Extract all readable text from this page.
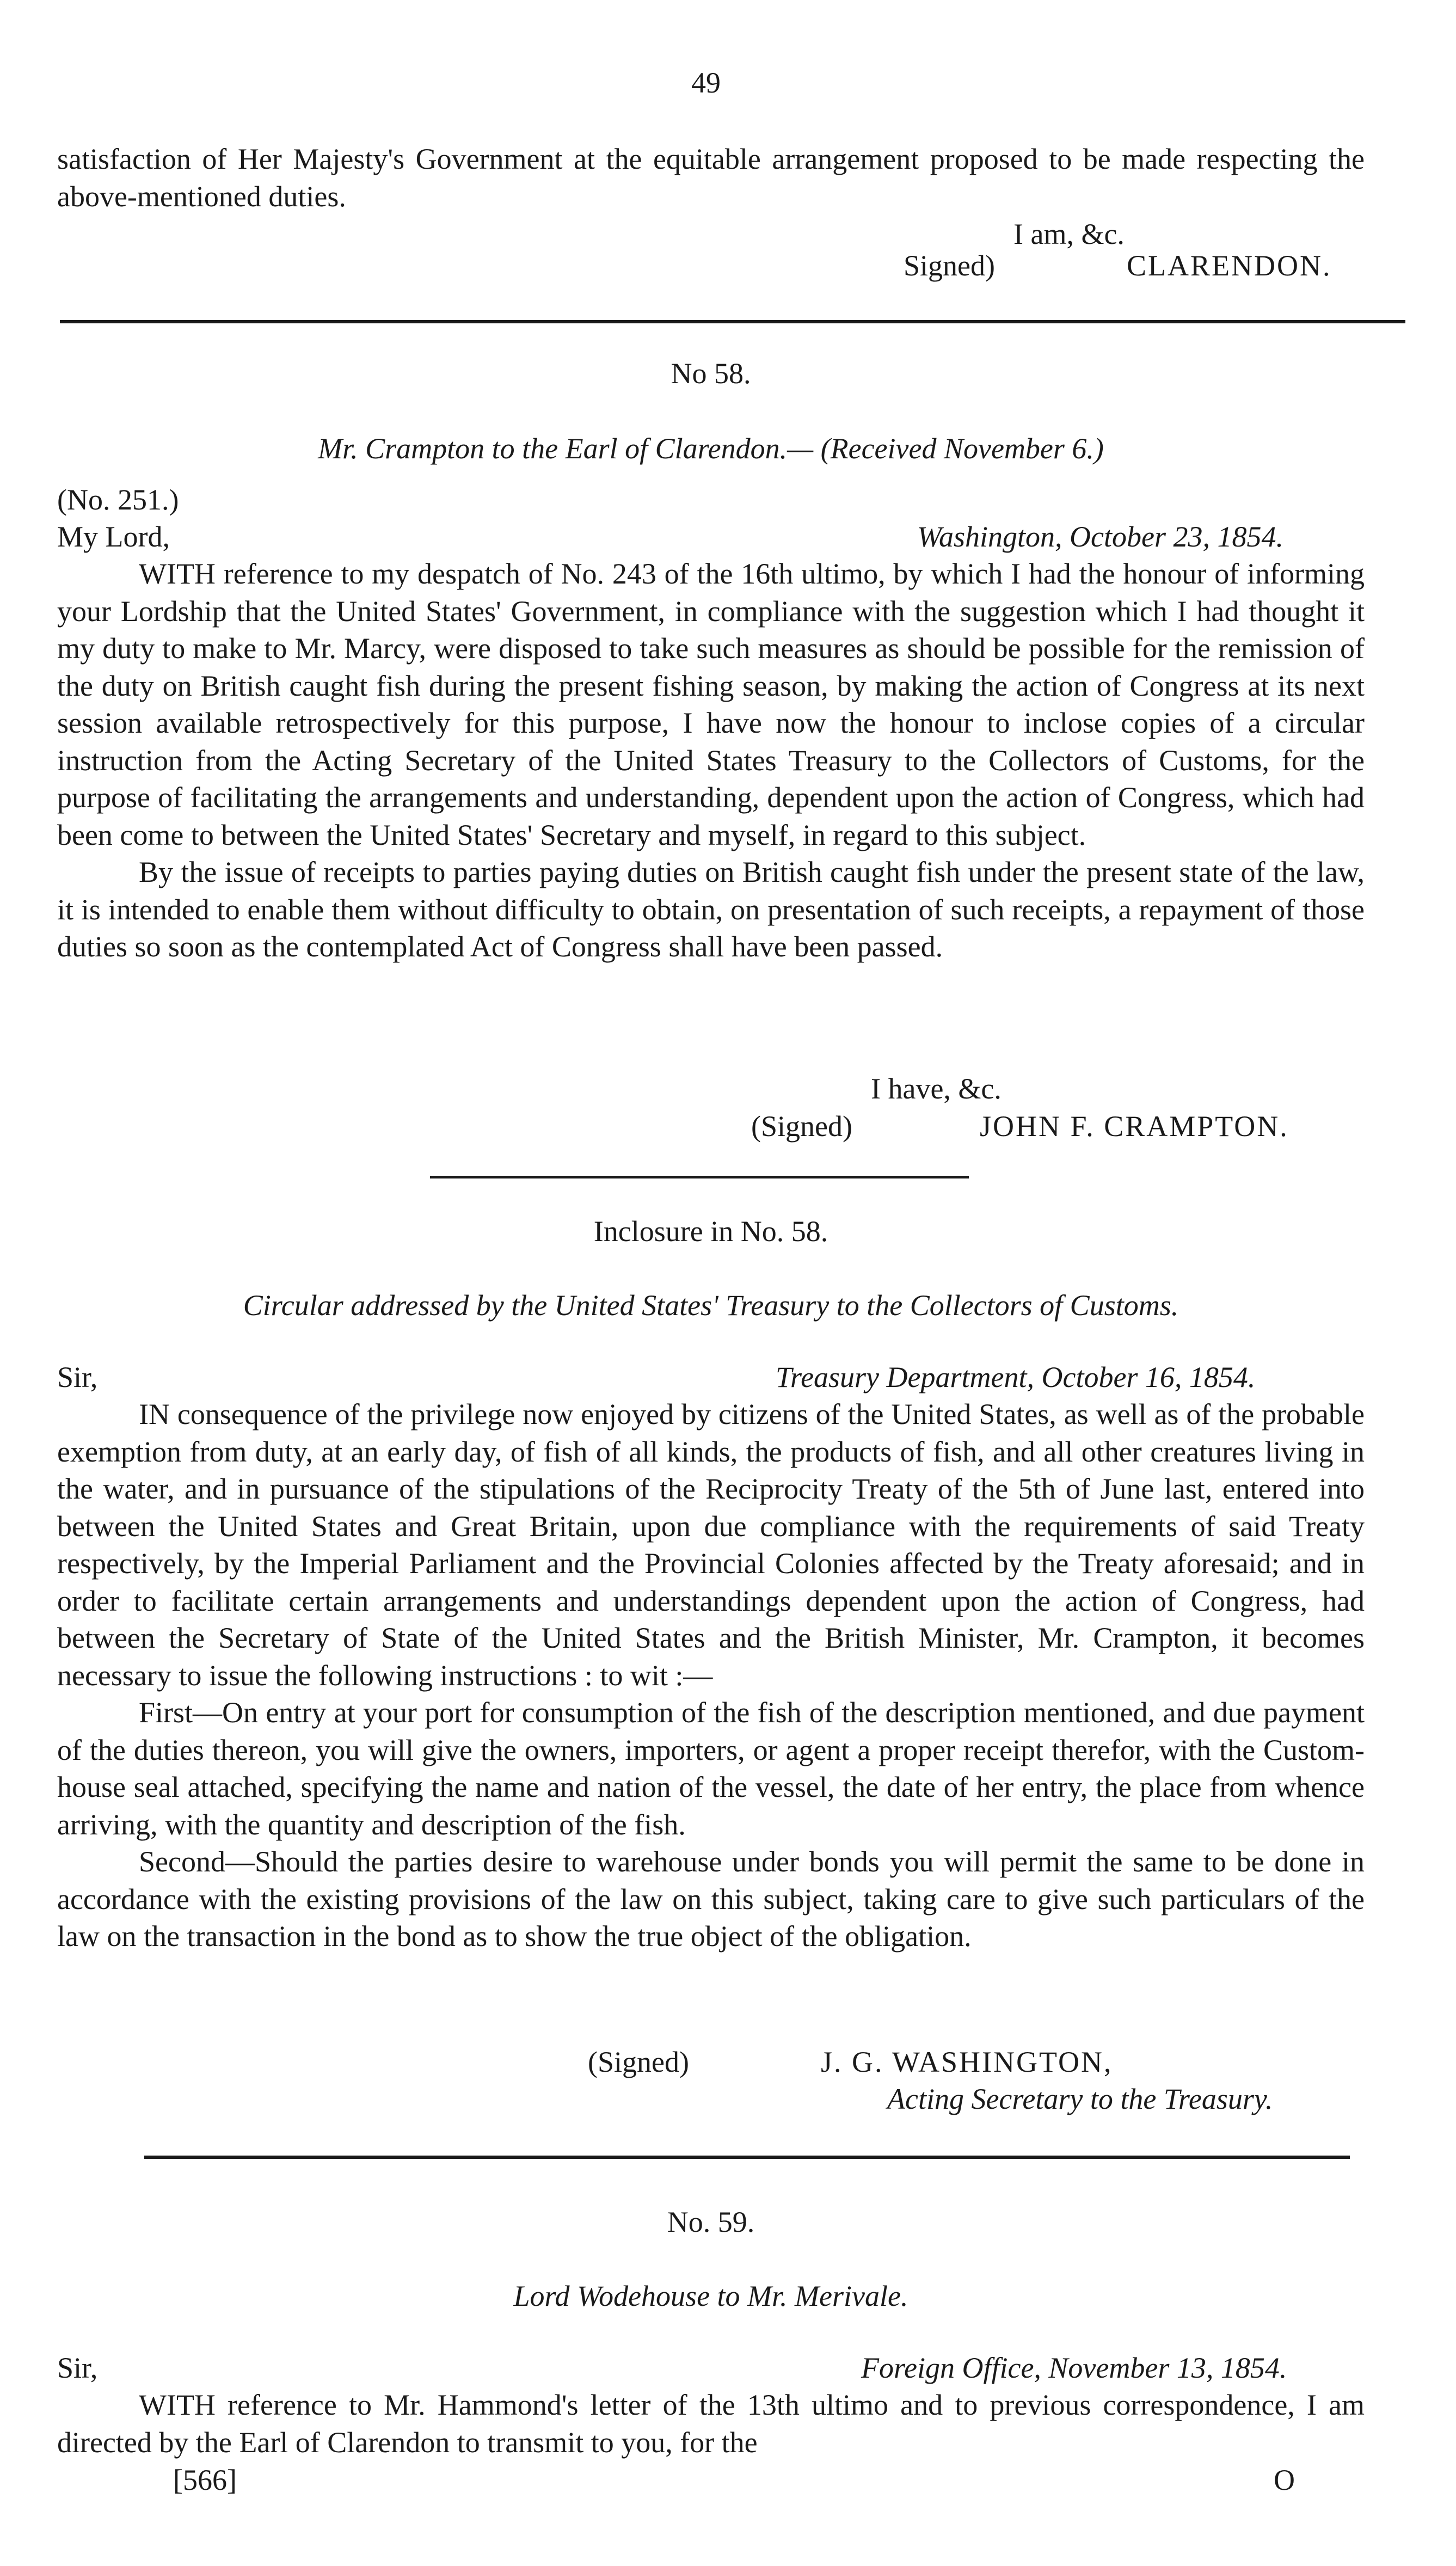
49

satisfaction of Her Majesty's Government at the equitable arrangement proposed to be made respecting the above-mentioned duties.

I am, &c.
Signed)	CLARENDON.
No 58.
Mr. Crampton to the Earl of Clarendon.— (Received November 6.)
(No. 251.)
My Lord,	Washington, October 23, 1854.

WITH reference to my despatch of No. 243 of the 16th ultimo, by which I had the honour of informing your Lordship that the United States' Government, in compliance with the suggestion which I had thought it my duty to make to Mr. Marcy, were disposed to take such measures as should be possible for the remission of the duty on British caught fish during the present fishing season, by making the action of Congress at its next session available retrospectively for this purpose, I have now the honour to inclose copies of a circular instruction from the Acting Secretary of the United States Treasury to the Collectors of Customs, for the purpose of facilitating the arrangements and understanding, dependent upon the action of Congress, which had been come to between the United States' Secretary and myself, in regard to this subject.

By the issue of receipts to parties paying duties on British caught fish under the present state of the law, it is intended to enable them without difficulty to obtain, on presentation of such receipts, a repayment of those duties so soon as the contemplated Act of Congress shall have been passed.

I have, &c.
(Signed)	JOHN F. CRAMPTON.
Inclosure in No. 58.
Circular addressed by the United States' Treasury to the Collectors of Customs.
Sir,	Treasury Department, October 16, 1854.

IN consequence of the privilege now enjoyed by citizens of the United States, as well as of the probable exemption from duty, at an early day, of fish of all kinds, the products of fish, and all other creatures living in the water, and in pursuance of the stipulations of the Reciprocity Treaty of the 5th of June last, entered into between the United States and Great Britain, upon due compliance with the requirements of said Treaty respectively, by the Imperial Parliament and the Provincial Colonies affected by the Treaty aforesaid; and in order to facilitate certain arrangements and understandings dependent upon the action of Congress, had between the Secretary of State of the United States and the British Minister, Mr. Crampton, it becomes necessary to issue the following instructions : to wit :—

First—On entry at your port for consumption of the fish of the description mentioned, and due payment of the duties thereon, you will give the owners, importers, or agent a proper receipt therefor, with the Custom-house seal attached, specifying the name and nation of the vessel, the date of her entry, the place from whence arriving, with the quantity and description of the fish.

Second—Should the parties desire to warehouse under bonds you will permit the same to be done in accordance with the existing provisions of the law on this subject, taking care to give such particulars of the law on the transaction in the bond as to show the true object of the obligation.

(Signed)	J. G. WASHINGTON,
Acting Secretary to the Treasury.
No. 59.
Lord Wodehouse to Mr. Merivale.
Sir,	Foreign Office, November 13, 1854.

WITH reference to Mr. Hammond's letter of the 13th ultimo and to previous correspondence, I am directed by the Earl of Clarendon to transmit to you, for the

[566]	O
